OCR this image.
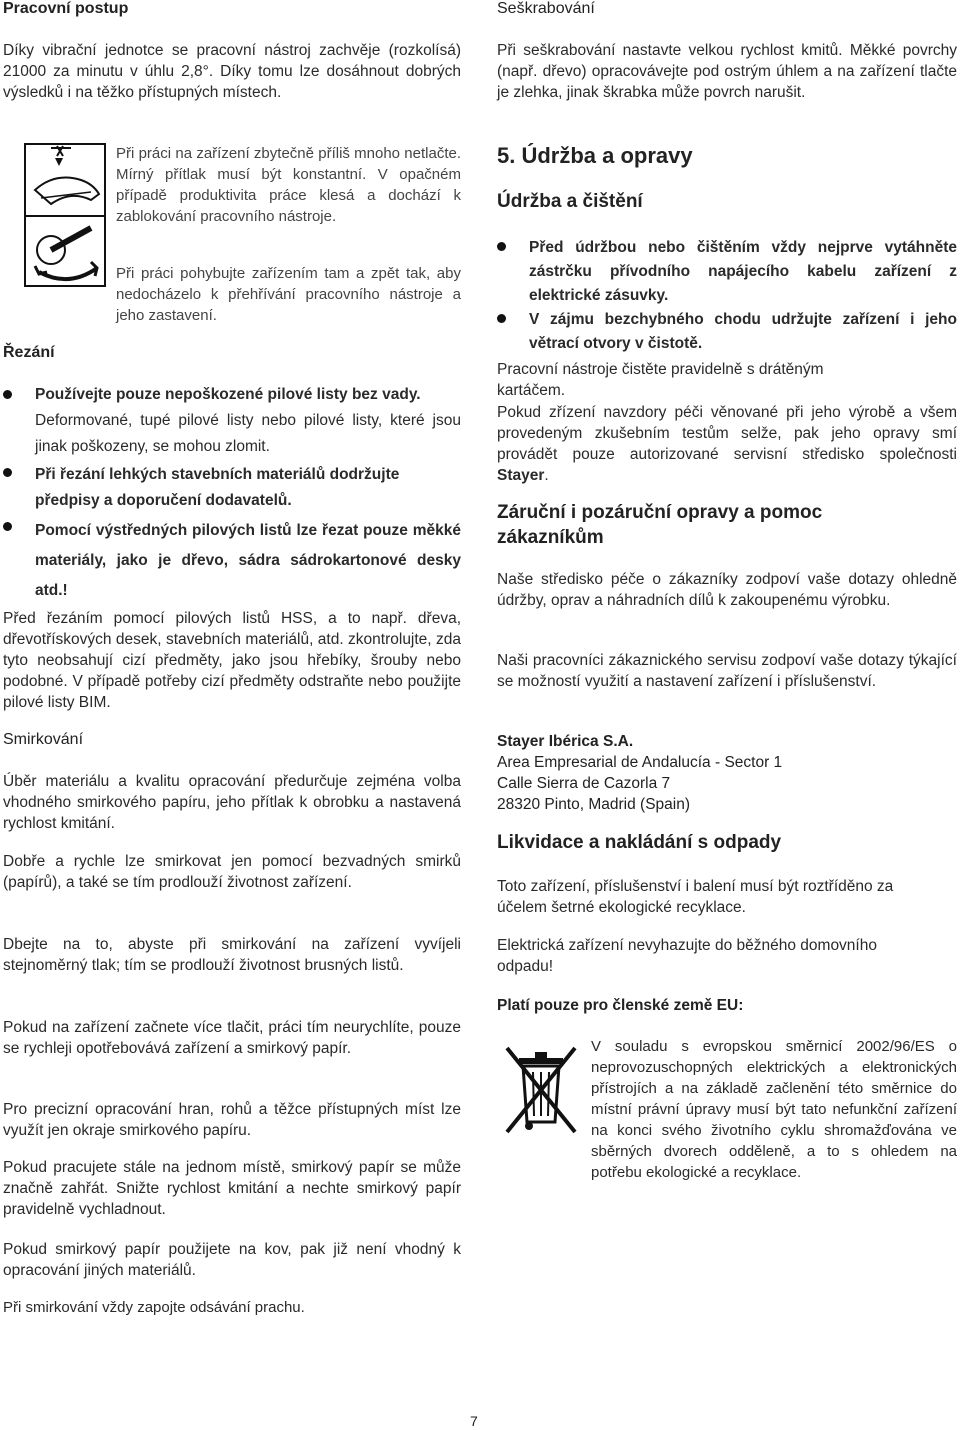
Pracovní postup

Díky vibrační jednotce se pracovní nástroj zachvěje (rozkolísá) 21000 za minutu v úhlu 2,8°. Díky tomu lze dosáhnout dobrých výsledků i na těžko přístupných místech.

Při práci na zařízení zbytečně příliš mnoho netlačte. Mírný přítlak musí být konstantní. V opačném případě produktivita práce klesá a dochází k zablokování pracovního nástroje.

Při práci pohybujte zařízením tam a zpět tak, aby nedocházelo k přehřívání pracovního nástroje a jeho zastavení.

Řezání
Používejte pouze nepoškozené pilové listy bez vady.

Deformované, tupé pilové listy nebo pilové listy, které jsou jinak poškozeny, se mohou zlomit.

Při řezání lehkých stavebních materiálů dodržujte předpisy a doporučení dodavatelů.
Pomocí výstředných pilových listů lze řezat pouze měkké materiály, jako je dřevo, sádra sádrokartonové desky atd.!

Před řezáním pomocí pilových listů HSS, a to např. dřeva, dřevotřískových desek, stavebních materiálů, atd. zkontrolujte, zda tyto neobsahují cizí předměty, jako jsou hřebíky, šrouby nebo podobné. V případě potřeby cizí předměty odstraňte nebo použijte pilové listy BIM.

Smirkování

Úběr materiálu a kvalitu opracování předurčuje zejména volba vhodného smirkového papíru, jeho přítlak k obrobku a nastavená rychlost kmitání.

Dobře a rychle lze smirkovat jen pomocí bezvadných smirků (papírů), a také se tím prodlouží životnost zařízení.

Dbejte na to, abyste při smirkování na zařízení vyvíjeli stejnoměrný tlak; tím se prodlouží životnost brusných listů.

Pokud na zařízení začnete více tlačit, práci tím neurychlíte, pouze se rychleji opotřebovává zařízení a smirkový papír.

Pro precizní opracování hran, rohů a těžce přístupných míst lze využít jen okraje smirkového papíru.

Pokud pracujete stále na jednom místě, smirkový papír se může značně zahřát. Snižte rychlost kmitání a nechte smirkový papír pravidelně vychladnout.

Pokud smirkový papír použijete na kov, pak již není vhodný k opracování jiných materiálů.

Při smirkování vždy zapojte odsávání prachu.

Seškrabování

Při seškrabování nastavte velkou rychlost kmitů. Měkké povrchy (např. dřevo) opracovávejte pod ostrým úhlem a na zařízení tlačte je zlehka, jinak škrabka může povrch narušit.

5. Údržba a opravy
Údržba a čištění
Před údržbou nebo čištěním vždy nejprve vytáhněte zástrčku přívodního napájecího kabelu zařízení z elektrické zásuvky.
V zájmu bezchybného chodu udržujte zařízení i jeho větrací otvory v čistotě.

Pracovní nástroje čistěte pravidelně s drátěným kartáčem.

Pokud zřízení navzdory péči věnované při jeho výrobě a všem provedeným zkušebním testům selže, pak jeho opravy smí provádět pouze autorizované servisní středisko společnosti Stayer.

Záruční i pozáruční opravy a pomoc zákazníkům

Naše středisko péče o zákazníky zodpoví vaše dotazy ohledně údržby, oprav a náhradních dílů k zakoupenému výrobku.

Naši pracovníci zákaznického servisu zodpoví vaše dotazy týkající se možností využití a nastavení zařízení i příslušenství.

Stayer Ibérica S.A.
Area Empresarial de Andalucía - Sector 1
Calle Sierra de Cazorla 7
28320 Pinto, Madrid (Spain)
Likvidace a nakládání s odpady

Toto zařízení, příslušenství i balení musí být roztříděno za účelem šetrné ekologické recyklace.

Elektrická zařízení nevyhazujte do běžného domovního odpadu!

Platí pouze pro členské země EU:

V souladu s evropskou směrnicí 2002/96/ES o neprovozuschopných elektrických a elektronických přístrojích a na základě začlenění této směrnice do místní právní úpravy musí být tato nefunkční zařízení na konci svého životního cyklu shromažďována ve sběrných dvorech odděleně, a to s ohledem na potřebu ekologické a recyklace.

7
